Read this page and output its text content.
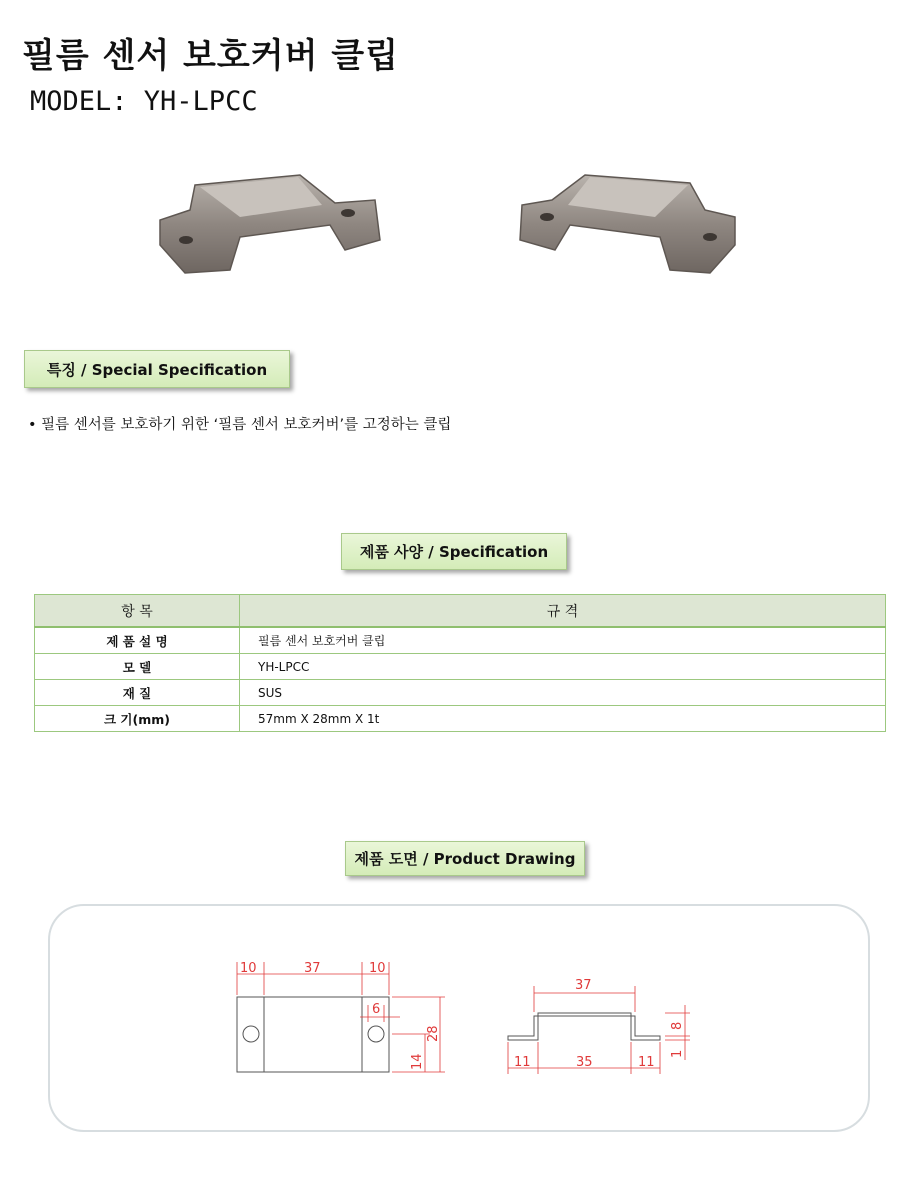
필름 센서 보호커버 클립
MODEL: YH-LPCC
특징 / Special Specification
• 필름 센서를 보호하기 위한 ‘필름 센서 보호커버’를 고정하는 클립
제품 사양 / Specification
항 목	규 격
제 품 설 명	필름 센서 보호커버 클립
모 델	YH-LPCC
재 질	SUS
크 기(mm)	57mm X 28mm X 1t
제품 도면 / Product Drawing
10	37	10
6
14
28
37
11	35	11
8
1
